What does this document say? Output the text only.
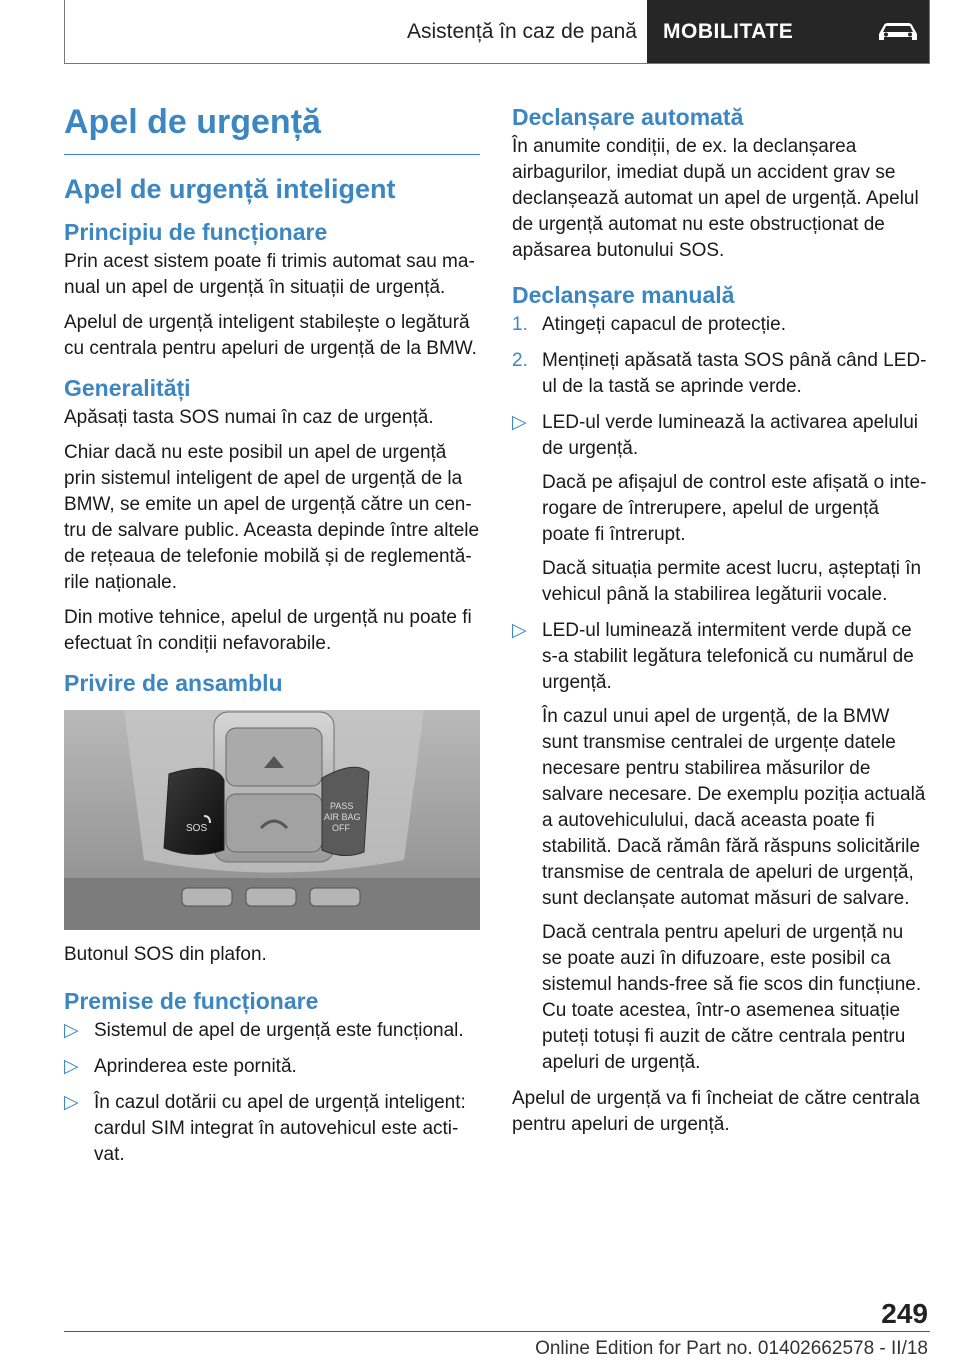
Asistență în caz de pană	MOBILITATE
Apel de urgență
Apel de urgență inteligent
Principiu de funcționare

Prin acest sistem poate fi trimis automat sau manual un apel de urgență în situații de urgență.

Apelul de urgență inteligent stabilește o legătură cu centrala pentru apeluri de urgență de la BMW.

Generalități

Apăsați tasta SOS numai în caz de urgență.

Chiar dacă nu este posibil un apel de urgență prin sistemul inteligent de apel de urgență de la BMW, se emite un apel de urgență către un centru de salvare public. Aceasta depinde între altele de rețeaua de telefonie mobilă și de reglementările naționale.

Din motive tehnice, apelul de urgență nu poate fi efectuat în condiții nefavorabile.

Privire de ansamblu
SOS
PASS
AIR BAG
OFF
Butonul SOS din plafon.
Premise de funcționare
▷ Sistemul de apel de urgență este funcțional.
▷ Aprinderea este pornită.
▷ În cazul dotării cu apel de urgență inteligent: cardul SIM integrat în autovehicul este activat.
Declanșare automată

În anumite condiții, de ex. la declanșarea airbagurilor, imediat după un accident grav se declanșează automat un apel de urgență. Apelul de urgență automat nu este obstrucționat de apăsarea butonului SOS.

Declanșare manuală
1. Atingeți capacul de protecție.
2. Mențineți apăsată tasta SOS până când LED-ul de la tastă se aprinde verde.
▷ LED-ul verde luminează la activarea apelului de urgență.
Dacă pe afișajul de control este afișată o interogare de întrerupere, apelul de urgență poate fi întrerupt.
Dacă situația permite acest lucru, așteptați în vehicul până la stabilirea legăturii vocale.
▷ LED-ul luminează intermitent verde după ce s-a stabilit legătura telefonică cu numărul de urgență.
În cazul unui apel de urgență, de la BMW sunt transmise centralei de urgențe datele necesare pentru stabilirea măsurilor de salvare necesare. De exemplu poziția actuală a autovehiculului, dacă aceasta poate fi stabilită. Dacă rămân fără răspuns solicitările transmise de centrala de apeluri de urgență, sunt declanșate automat măsuri de salvare.
Dacă centrala pentru apeluri de urgență nu se poate auzi în difuzoare, este posibil ca sistemul hands-free să fie scos din funcțiune. Cu toate acestea, într-o asemenea situație puteți totuși fi auzit de către centrala pentru apeluri de urgență.

Apelul de urgență va fi încheiat de către centrala pentru apeluri de urgență.

249
Online Edition for Part no. 01402662578 - II/18
